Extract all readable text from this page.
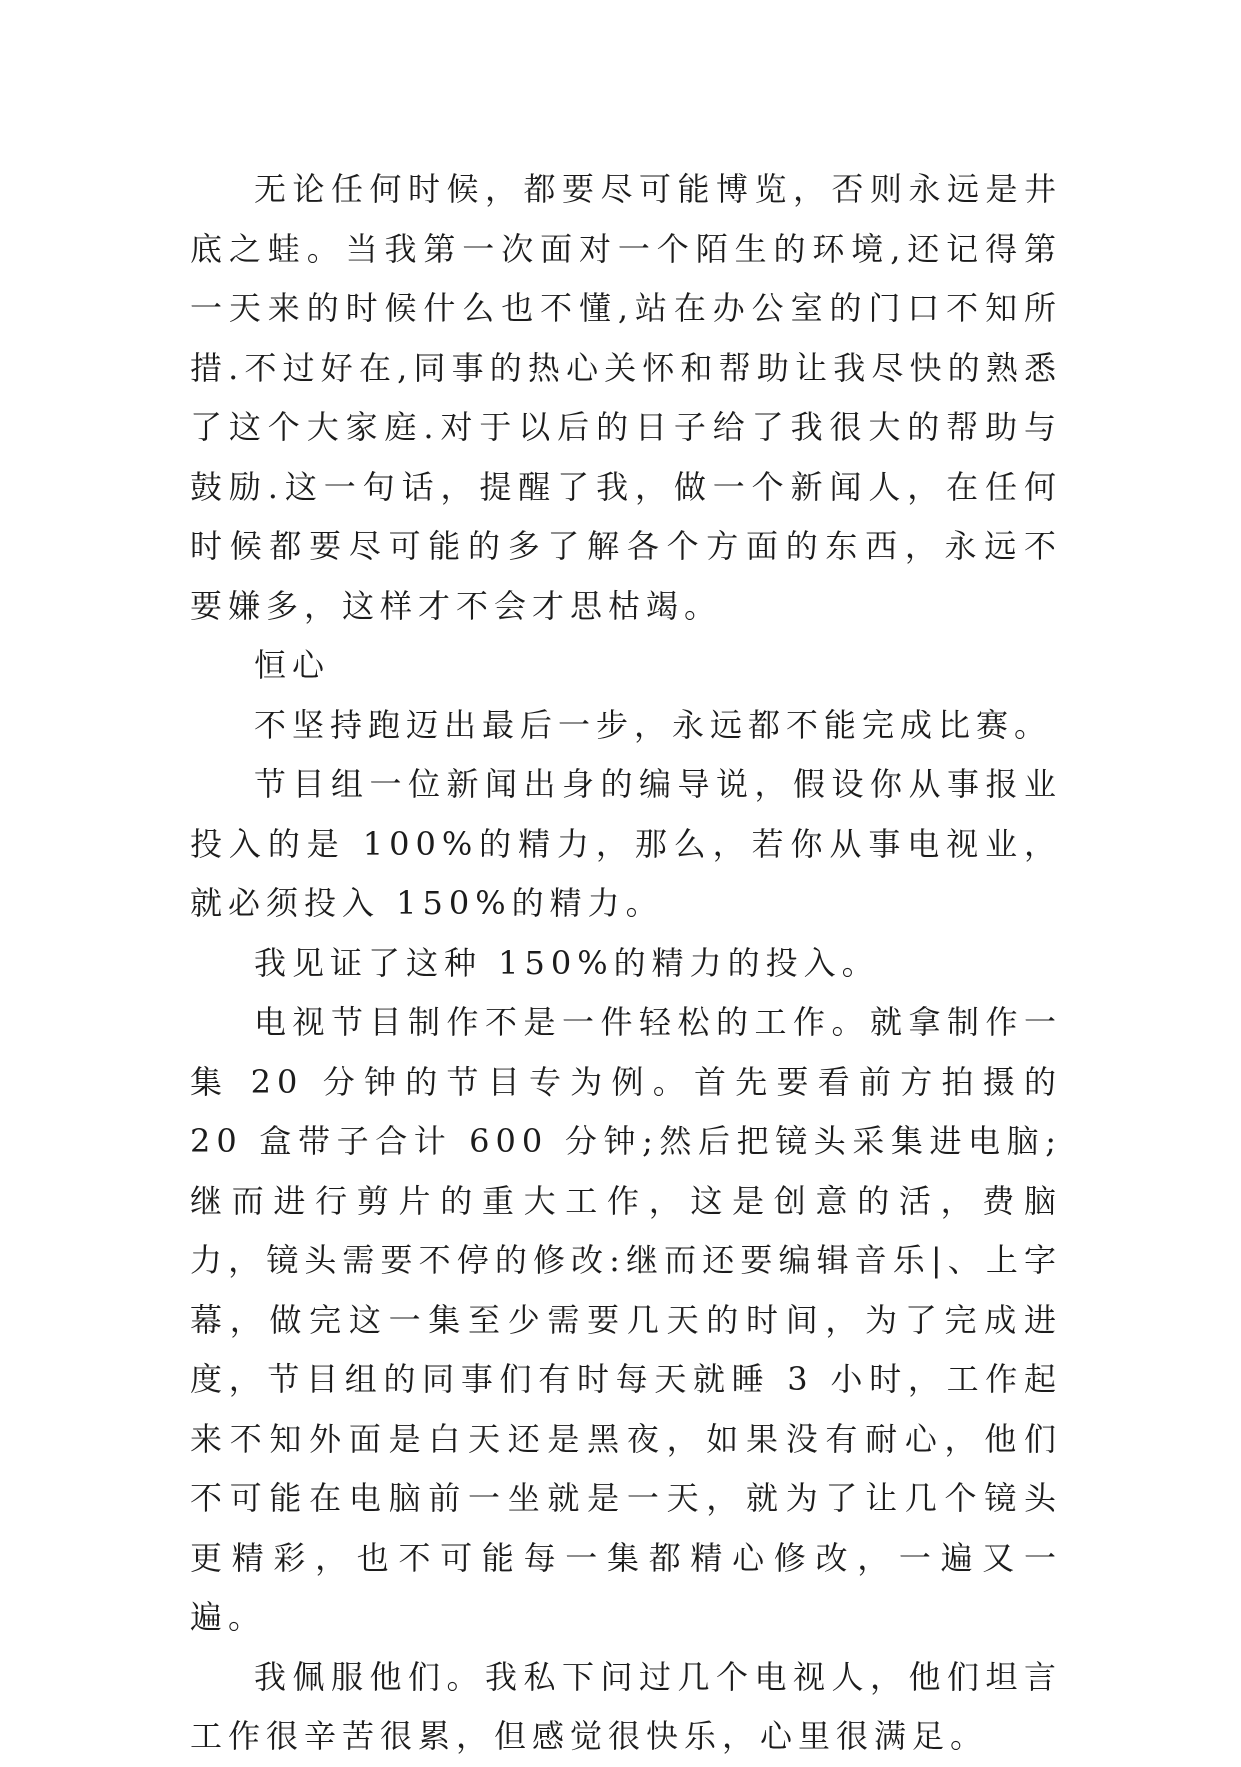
无论任何时候，都要尽可能博览，否则永远是井底之蛙。当我第一次面对一个陌生的环境,还记得第一天来的时候什么也不懂,站在办公室的门口不知所措.不过好在,同事的热心关怀和帮助让我尽快的熟悉了这个大家庭.对于以后的日子给了我很大的帮助与鼓励.这一句话，提醒了我，做一个新闻人，在任何时候都要尽可能的多了解各个方面的东西，永远不要嫌多，这样才不会才思枯竭。

恒心

不坚持跑迈出最后一步，永远都不能完成比赛。

节目组一位新闻出身的编导说，假设你从事报业投入的是 100%的精力，那么，若你从事电视业，就必须投入 150%的精力。

我见证了这种 150%的精力的投入。

电视节目制作不是一件轻松的工作。就拿制作一集 20 分钟的节目专为例。首先要看前方拍摄的 20 盒带子合计 600 分钟;然后把镜头采集进电脑;继而进行剪片的重大工作，这是创意的活，费脑力，镜头需要不停的修改:继而还要编辑音乐|、上字幕，做完这一集至少需要几天的时间，为了完成进度，节目组的同事们有时每天就睡 3 小时，工作起来不知外面是白天还是黑夜，如果没有耐心，他们不可能在电脑前一坐就是一天，就为了让几个镜头更精彩，也不可能每一集都精心修改，一遍又一遍。

我佩服他们。我私下问过几个电视人，他们坦言工作很辛苦很累，但感觉很快乐，心里很满足。
